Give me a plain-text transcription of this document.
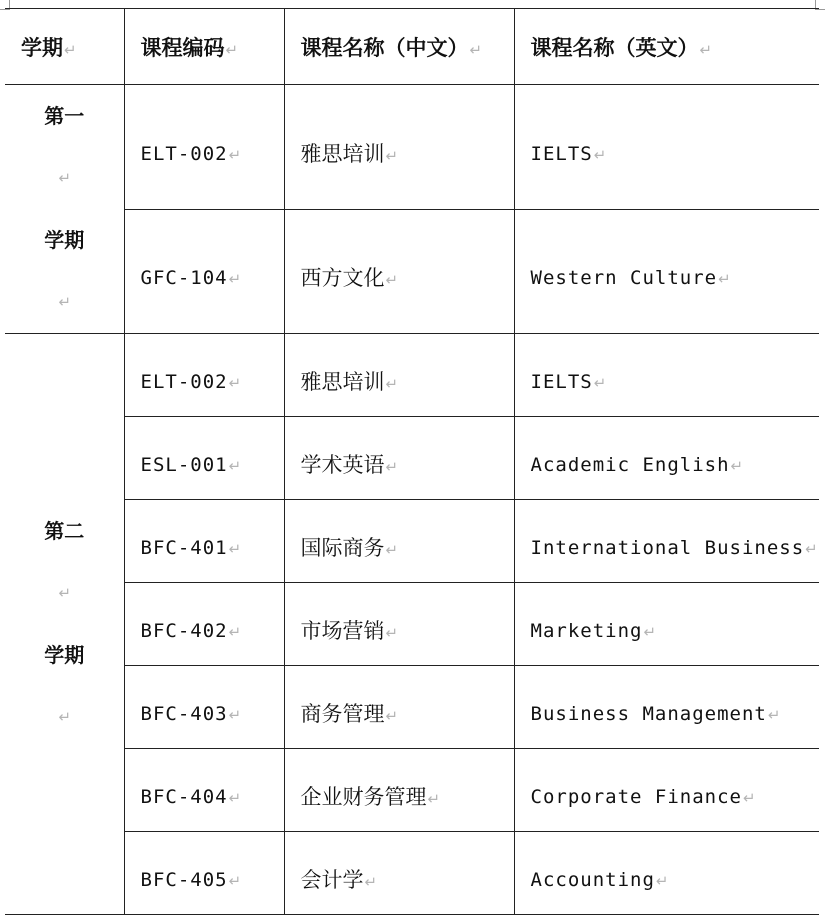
学期↵	课程编码↵	课程名称（中文）↵	课程名称（英文）↵

第一
↵
学期
↵	ELT-002↵	雅思培训↵	IELTS↵
	GFC-104↵	西方文化↵	Western Culture↵

第二
↵
学期
↵	ELT-002↵	雅思培训↵	IELTS↵
	ESL-001↵	学术英语↵	Academic English↵
	BFC-401↵	国际商务↵	International Business↵
	BFC-402↵	市场营销↵	Marketing↵
	BFC-403↵	商务管理↵	Business Management↵
	BFC-404↵	企业财务管理↵	Corporate Finance↵
	BFC-405↵	会计学↵	Accounting↵
